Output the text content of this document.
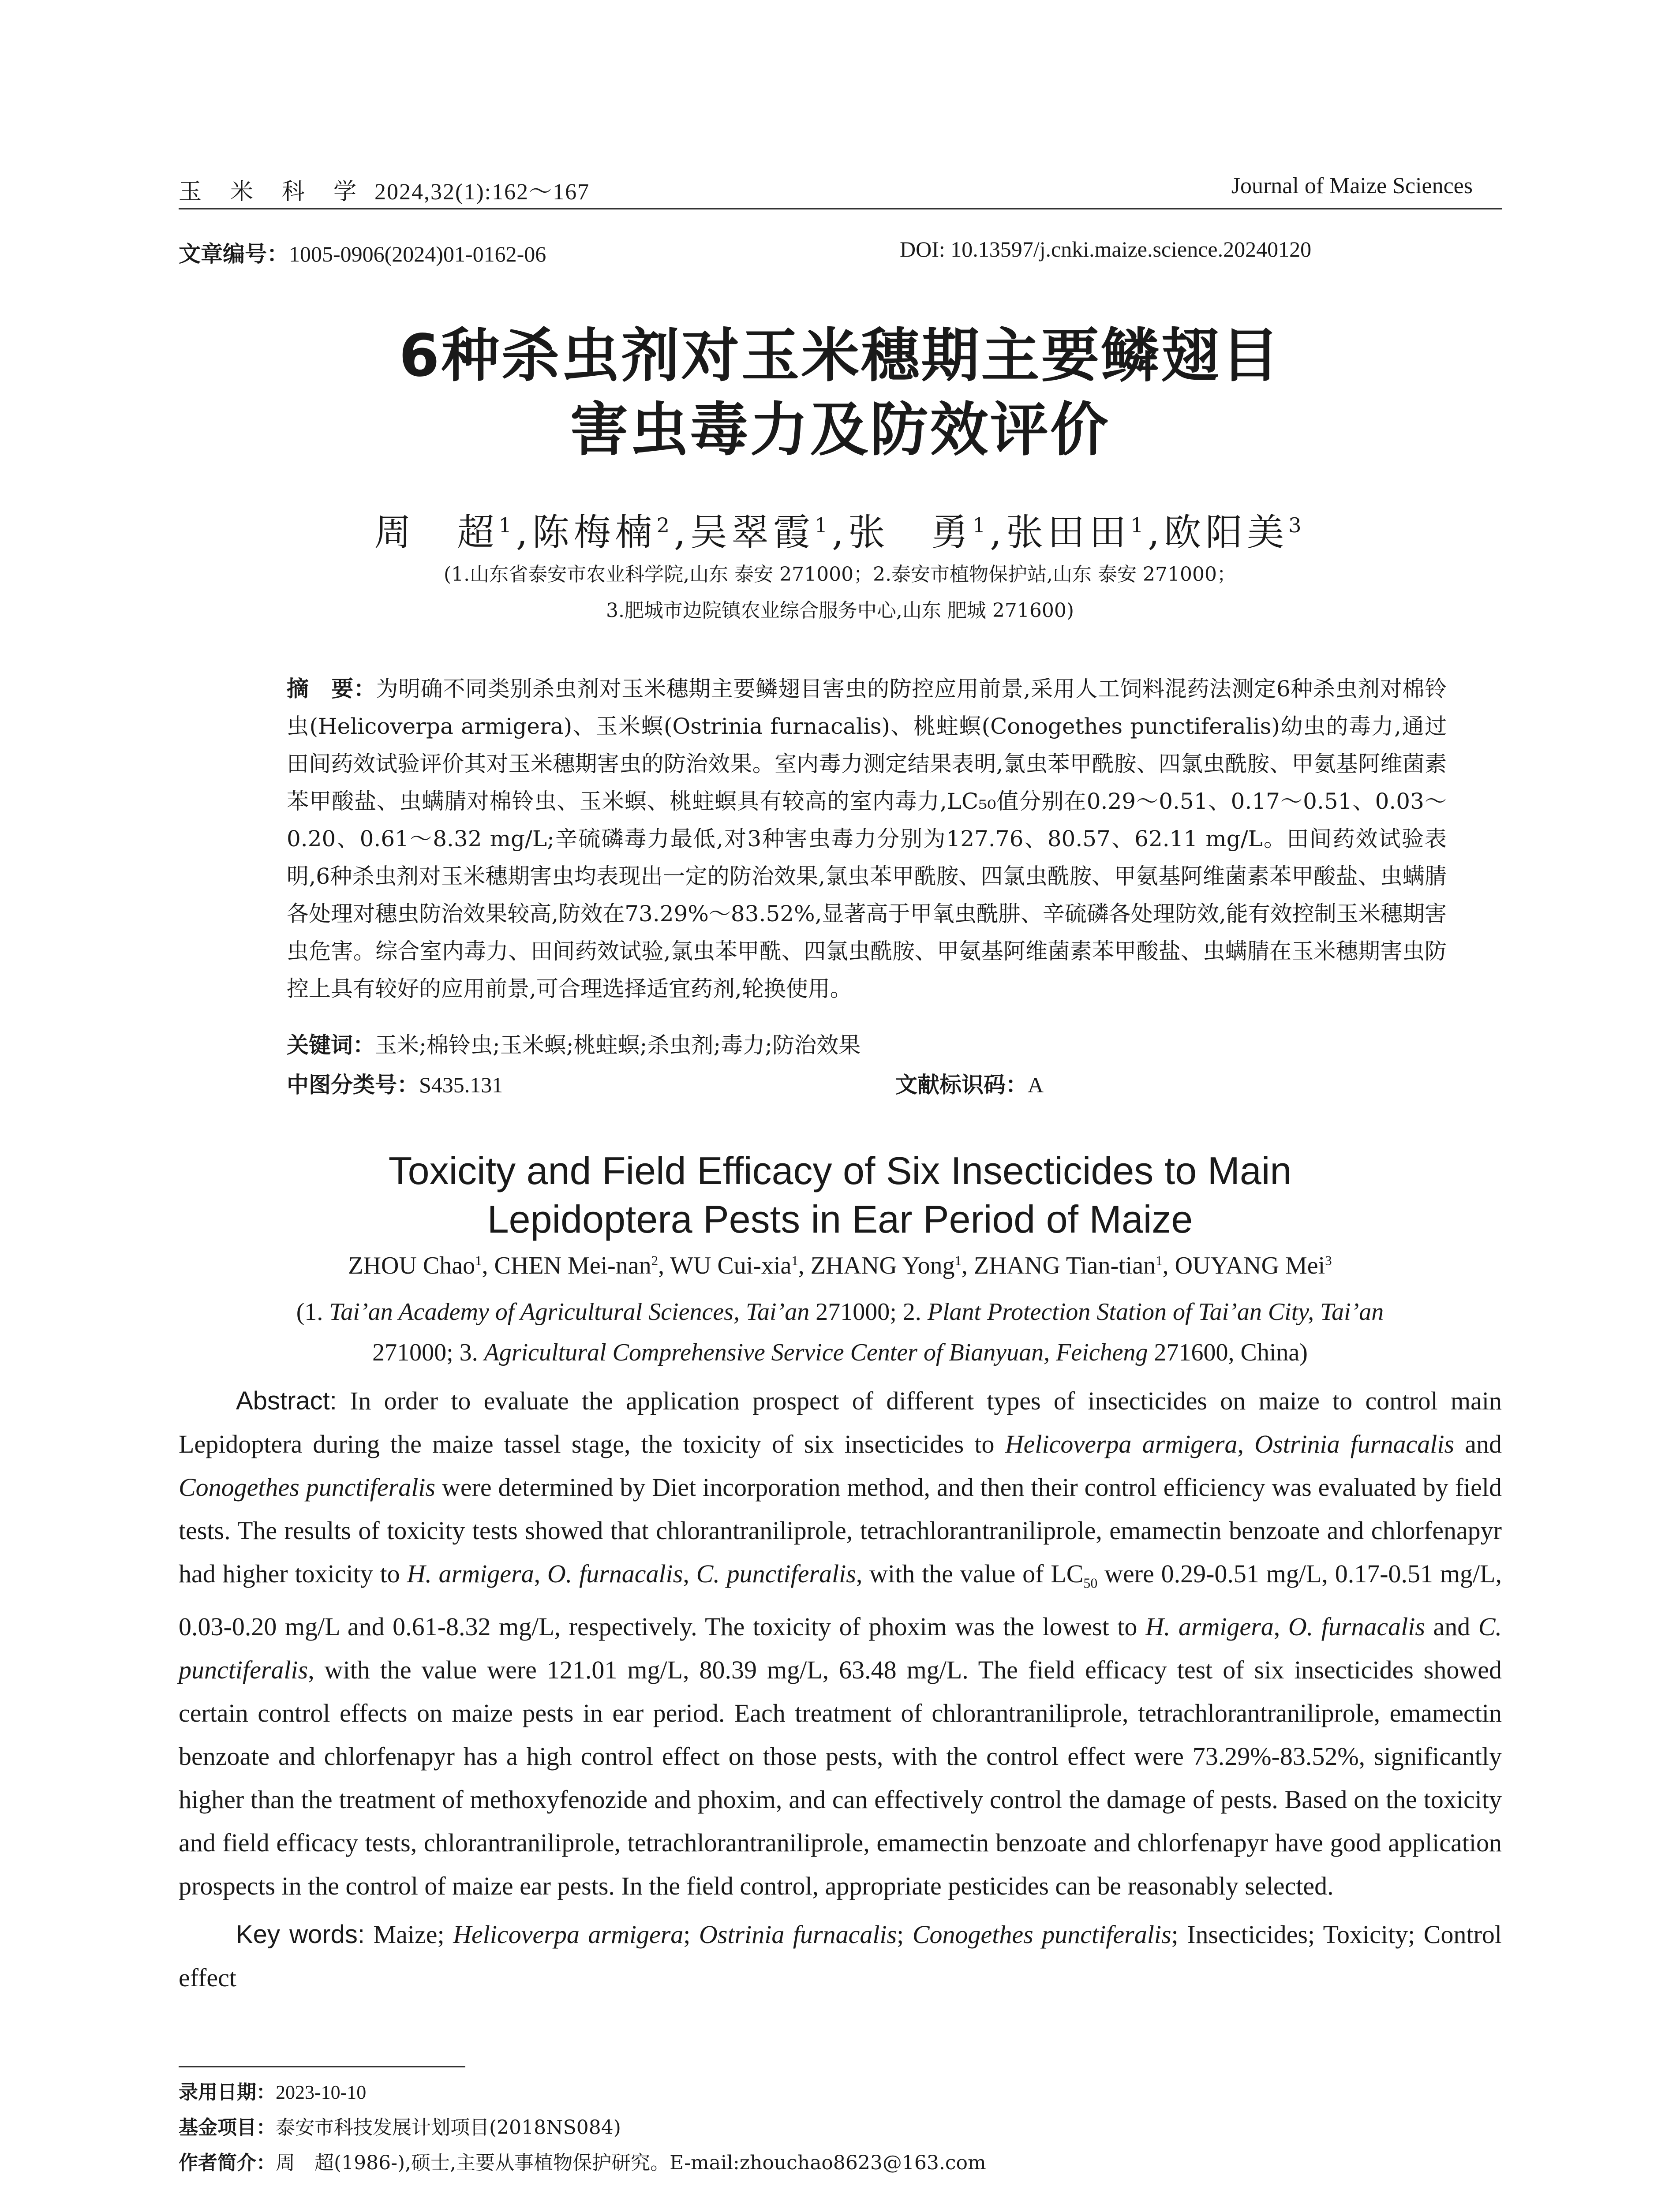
玉 米 科 学 2024,32(1):162～167	Journal of Maize Sciences
文章编号：1005-0906(2024)01-0162-06	DOI: 10.13597/j.cnki.maize.science.20240120
6种杀虫剂对玉米穗期主要鳞翅目
害虫毒力及防效评价
周　超$^1$,陈梅楠$^2$,吴翠霞$^1$,张　勇$^1$,张田田$^1$,欧阳美$^3$
(1.山东省泰安市农业科学院,山东 泰安 271000；2.泰安市植物保护站,山东 泰安 271000；
3.肥城市边院镇农业综合服务中心,山东 肥城 271600)
摘　要：为明确不同类别杀虫剂对玉米穗期主要鳞翅目害虫的防控应用前景,采用人工饲料混药法测定6种杀虫剂对棉铃虫(Helicoverpa armigera)、玉米螟(Ostrinia furnacalis)、桃蛀螟(Conogethes punctiferalis)幼虫的毒力,通过田间药效试验评价其对玉米穗期害虫的防治效果。室内毒力测定结果表明,氯虫苯甲酰胺、四氯虫酰胺、甲氨基阿维菌素苯甲酸盐、虫螨腈对棉铃虫、玉米螟、桃蛀螟具有较高的室内毒力,LC₅₀值分别在0.29～0.51、0.17～0.51、0.03～0.20、0.61～8.32 mg/L;辛硫磷毒力最低,对3种害虫毒力分别为127.76、80.57、62.11 mg/L。田间药效试验表明,6种杀虫剂对玉米穗期害虫均表现出一定的防治效果,氯虫苯甲酰胺、四氯虫酰胺、甲氨基阿维菌素苯甲酸盐、虫螨腈各处理对穗虫防治效果较高,防效在73.29%～83.52%,显著高于甲氧虫酰肼、辛硫磷各处理防效,能有效控制玉米穗期害虫危害。综合室内毒力、田间药效试验,氯虫苯甲酰、四氯虫酰胺、甲氨基阿维菌素苯甲酸盐、虫螨腈在玉米穗期害虫防控上具有较好的应用前景,可合理选择适宜药剂,轮换使用。
关键词：玉米;棉铃虫;玉米螟;桃蛀螟;杀虫剂;毒力;防治效果
中图分类号：S435.131	文献标识码：A
Toxicity and Field Efficacy of Six Insecticides to Main
Lepidoptera Pests in Ear Period of Maize
ZHOU Chao$^1$, CHEN Mei-nan$^2$, WU Cui-xia$^1$, ZHANG Yong$^1$, ZHANG Tian-tian$^1$, OUYANG Mei$^3$
(1. Tai’an Academy of Agricultural Sciences, Tai’an 271000; 2. Plant Protection Station of Tai’an City, Tai’an
271000; 3. Agricultural Comprehensive Service Center of Bianyuan, Feicheng 271600, China)
Abstract: In order to evaluate the application prospect of different types of insecticides on maize to control main Lepidoptera during the maize tassel stage, the toxicity of six insecticides to Helicoverpa armigera, Ostrinia furnacalis and Conogethes punctiferalis were determined by Diet incorporation method, and then their control efficiency was evaluated by field tests. The results of toxicity tests showed that chlorantraniliprole, tetrachlorantraniliprole, emamectin benzoate and chlorfenapyr had higher toxicity to H. armigera, O. furnacalis, C. punctiferalis, with the value of $LC_{50}$ were 0.29-0.51 mg/L, 0.17-0.51 mg/L, 0.03-0.20 mg/L and 0.61-8.32 mg/L, respectively. The toxicity of phoxim was the lowest to H. armigera, O. furnacalis and C. punctiferalis, with the value were 121.01 mg/L, 80.39 mg/L, 63.48 mg/L. The field efficacy test of six insecticides showed certain control effects on maize pests in ear period. Each treatment of chlorantraniliprole, tetrachlorantraniliprole, emamectin benzoate and chlorfenapyr has a high control effect on those pests, with the control effect were 73.29%-83.52%, significantly higher than the treatment of methoxyfenozide and phoxim, and can effectively control the damage of pests. Based on the toxicity and field efficacy tests, chlorantraniliprole, tetrachlorantraniliprole, emamectin benzoate and chlorfenapyr have good application prospects in the control of maize ear pests. In the field control, appropriate pesticides can be reasonably selected.
Key words: Maize; Helicoverpa armigera; Ostrinia furnacalis; Conogethes punctiferalis; Insecticides; Toxicity; Control effect
录用日期：2023-10-10
基金项目：泰安市科技发展计划项目(2018NS084)
作者简介：周　超(1986-),硕士,主要从事植物保护研究。E-mail:zhouchao8623@163.com
